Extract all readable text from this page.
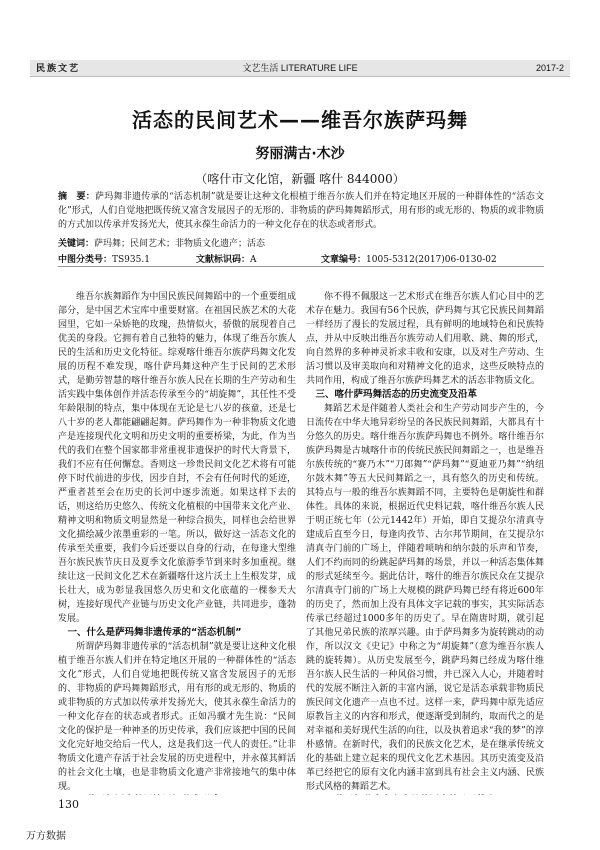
民族文艺	文艺生活 LITERATURE LIFE	2017-2
活态的民间艺术——维吾尔族萨玛舞
努丽满古·木沙
（喀什市文化馆，新疆 喀什 844000）
摘　要：萨玛舞非遗传承的“活态机制”就是要让这种文化根植于维吾尔族人们并在特定地区开展的一种群体性的“活态文化”形式，人们自觉地把既传统又富含发展因子的无形的、非物质的萨玛舞舞蹈形式，用有形的或无形的、物质的或非物质的方式加以传承并发扬光大，使其永葆生命活力的一种文化存在的状态或者形式。
关键词：萨玛舞；民间艺术；非物质文化遗产；活态
中图分类号：TS935.1	文献标识码：A	文章编号：1005-5312(2017)06-0130-02

维吾尔族舞蹈作为中国民族民间舞蹈中的一个重要组成部分，是中国艺术宝库中重要财富。在祖国民族艺术的大花园里，它如一朵娇艳的玫瑰，热情似火，骄傲的展现着自己优美的身段。它拥有着自己独特的魅力，体现了维吾尔族人民的生活和历史文化特征。综观喀什维吾尔族萨玛舞文化发展的历程不难发现，喀什萨玛舞这种产生于民间的艺术形式，是勤劳智慧的喀什维吾尔族人民在长期的生产劳动和生活实践中集体创作并活态传承至今的“胡旋舞”，其任性不受年龄限制的特点，集中体现在无论是七八岁的孩童，还是七八十岁的老人都能翩翩起舞。萨玛舞作为一种非物质文化遗产是连接现代化文明和历史文明的重要桥梁，为此，作为当代的我们在整个国家都非常重视非遗保护的时代大背景下，我们不应有任何懈怠。香则这一珍贵民间文化艺术将有可能停下时代前进的步伐，因步自封，不会有任何时代的延迹，严重者甚至会在历史的长河中逐步流逝。如果这样下去的话，则这给历史悠久、传统文化植根的中国带来文化产业、精神文明和物质文明显然是一种综合损失，同样也会给世界文化描绘减少浓墨重彩的一笔。所以，做好这一活态文化的传承至关重要，我们今后还要以自身的行动，在每逢大型维吾尔族民族节庆日及夏季文化旅游季节到来时多加重视。继续让这一民间文化艺术在新疆喀什这片沃土上生根发芽，成长壮大，成为彰显我国悠久历史和文化底蕴的一棵参天大树，连接好现代产业链与历史文化产业链，共同进步，蓬勃发展。

一、什么是萨玛舞非遗传承的“活态机制”

所谓萨玛舞非遗传承的“活态机制”就是要让这种文化根植于维吾尔族人们并在特定地区开展的一种群体性的“活态文化”形式，人们自觉地把既传统又富含发展因子的无形的、非物质的萨玛舞舞蹈形式，用有形的或无形的、物质的或非物质的方式加以传承并发扬光大，使其永葆生命活力的一种文化存在的状态或者形式。正如冯骥才先生说：“民间文化的保护是一种神圣的历史传承，我们应该把中国的民间文化完好地交给后一代人，这是我们这一代人的责任。”让非物质文化遗产存活于社会发展的历史进程中，并永葆其鲜活的社会文化土壤，也是非物质文化遗产非常接地气的集中体现。

你不得不佩服这一艺术形式在维吾尔族人们心目中的艺术存在魅力。我国有56个民族，萨玛舞与其它民族民间舞蹈一样经历了漫长的发展过程，具有鲜明的地域特色和民族特点，并从中反映出维吾尔族劳动人们用歌、跳、舞的形式，向自然界的多种神灵祈求丰收和安康，以及对生产劳动、生活习惯以及审美取向和对精神文化的追求，这些反映特点的共同作用，构成了维吾尔族萨玛舞艺术的活态非物质文化。

三、喀什萨玛舞活态的历史流变及沿革

舞蹈艺术是伴随着人类社会和生产劳动同步产生的，今日流传在中华大地异彩纷呈的各民族民间舞蹈，大都具有十分悠久的历史。喀什维吾尔族萨玛舞也不例外。喀什维吾尔族萨玛舞是古城喀什市的传统民族民间舞蹈之一，也是维吾尔族传统的“赛乃木”“刀郎舞”“萨玛舞”“夏迪亚乃舞”“纳纽尔鼓木舞”等五大民间舞蹈之一，具有悠久的历史和传统。其特点与一般的维吾尔族舞蹈不同，主要特色是朝旋性和群体性。具体的来说，根据近代史料记载，喀什维吾尔族人民于明正统七年（公元1442年）开始，即自艾提尕尔清真寺建成后直至今日，每逢肉孜节、古尔邦节期间，在艾提尕尔清真寺门前的广场上，伴随着唢呐和纳尔鼓的乐声和节奏，人们不约而同的纷跳起萨玛舞的场景，并以一种活态集体舞的形式延续至今。据此估计，喀什的维吾尔族民众在艾提尕尔清真寺门前的广场上大规模的跳萨玛舞已经有将近600年的历史了，然而加上没有具体文字记载的事实，其实际活态传承已经超过1000多年的历史了。早在隋唐时期，就引起了其他兄弟民族的浓厚兴趣。由于萨玛舞多为旋转跳动的动作，所以汉文《史记》中称之为“胡旋舞”（意为维吾尔族人跳的旋转舞）。从历史发展至今，跳萨玛舞已经成为喀什维吾尔族人民生活的一种风俗习惯，并已深入人心，并随着时代的发展不断注入新的丰富内涵，说它是活态承载非物质民族民间文化遗产一点也不过。这样一来，萨玛舞中原先适应原教旨主义的内容和形式，便逐渐受到制约，取而代之的是对幸福和美好现代生活的向往，以及执着追求“我的梦”的淳朴感情。在新时代，我们的民族文化艺术，是在继承传统文化的基础上建立起来的现代文化艺术基因。其历史流变及沿革已经把它的原有文化内涵丰富到具有社会主义内涵、民族形式风格的舞蹈艺术。

130
万方数据
